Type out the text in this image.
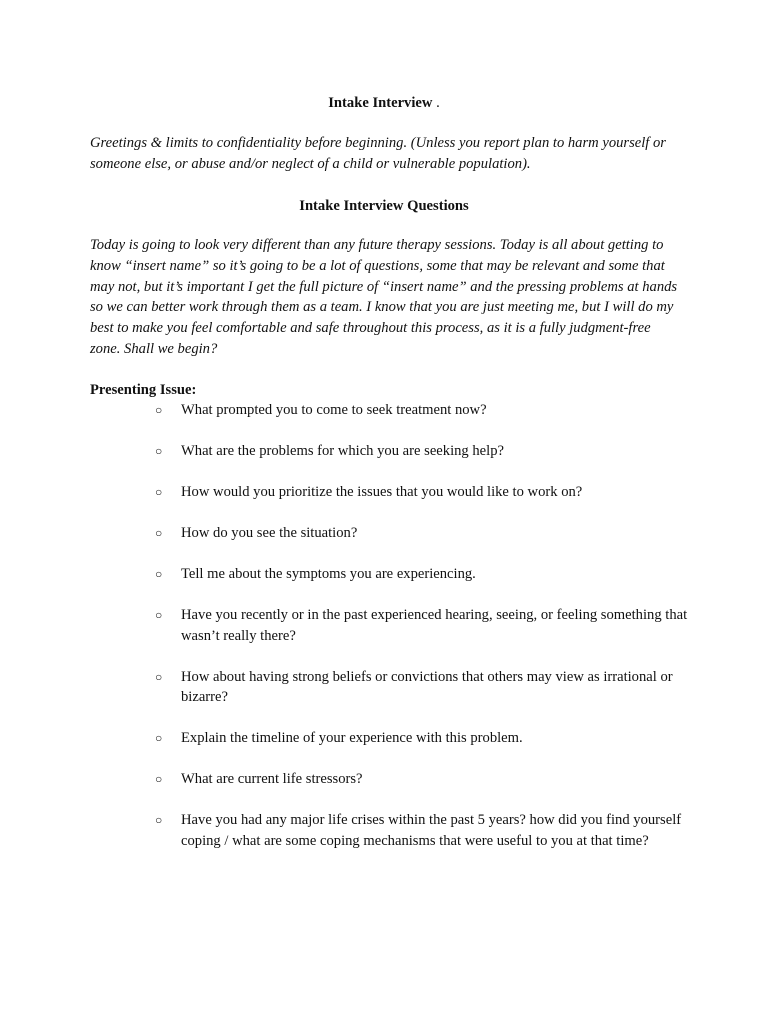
Intake Interview .
Greetings & limits to confidentiality before beginning. (Unless you report plan to harm yourself or someone else, or abuse and/or neglect of a child or vulnerable population).
Intake Interview Questions
Today is going to look very different than any future therapy sessions. Today is all about getting to know “insert name” so it’s going to be a lot of questions, some that may be relevant and some that may not, but it’s important I get the full picture of “insert name” and the pressing problems at hands so we can better work through them as a team. I know that you are just meeting me, but I will do my best to make you feel comfortable and safe throughout this process, as it is a fully judgment-free zone. Shall we begin?
Presenting Issue:
○ What prompted you to come to seek treatment now?
○ What are the problems for which you are seeking help?
○ How would you prioritize the issues that you would like to work on?
○ How do you see the situation?
○ Tell me about the symptoms you are experiencing.
○ Have you recently or in the past experienced hearing, seeing, or feeling something that wasn’t really there?
○ How about having strong beliefs or convictions that others may view as irrational or bizarre?
○ Explain the timeline of your experience with this problem.
○ What are current life stressors?
○ Have you had any major life crises within the past 5 years? how did you find yourself coping / what are some coping mechanisms that were useful to you at that time?
